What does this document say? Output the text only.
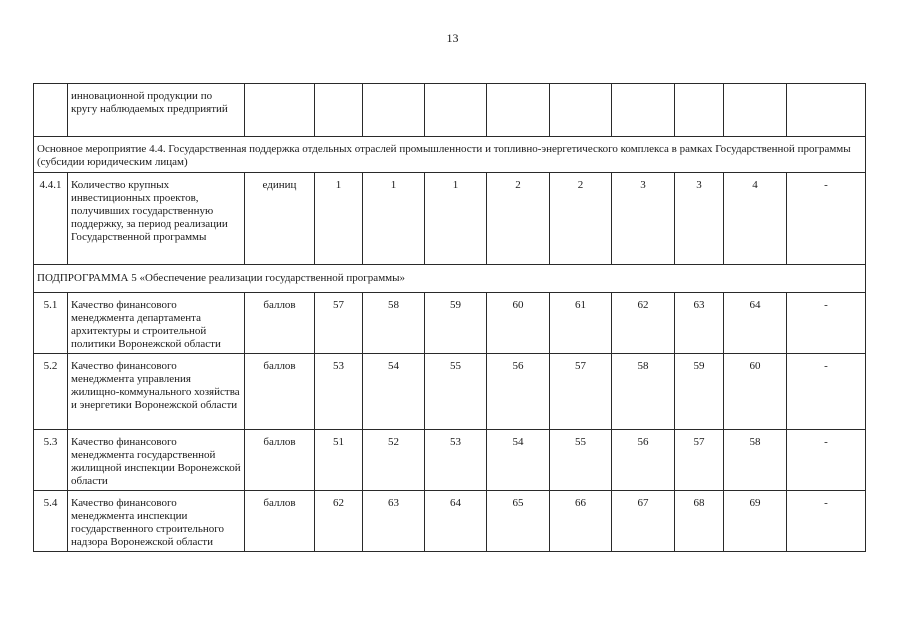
13
	инновационной продукции по кругу наблюдаемых предприятий										
Основное мероприятие 4.4. Государственная поддержка отдельных отраслей промышленности и топливно-энергетического комплекса в рамках Государственной программы (субсидии юридическим лицам)											
4.4.1	Количество крупных инвестиционных проектов, получивших государственную поддержку, за период реализации Государственной программы	единиц	1	1	1	2	2	3	3	4	-
ПОДПРОГРАММА 5 «Обеспечение реализации государственной программы»											
5.1	Качество финансового менеджмента департамента архитектуры и строительной политики Воронежской области	баллов	57	58	59	60	61	62	63	64	-
5.2	Качество финансового менеджмента управления жилищно-коммунального хозяйства и энергетики Воронежской области	баллов	53	54	55	56	57	58	59	60	-
5.3	Качество финансового менеджмента государственной жилищной инспекции Воронежской области	баллов	51	52	53	54	55	56	57	58	-
5.4	Качество финансового менеджмента инспекции государственного строительного надзора Воронежской области	баллов	62	63	64	65	66	67	68	69	-
